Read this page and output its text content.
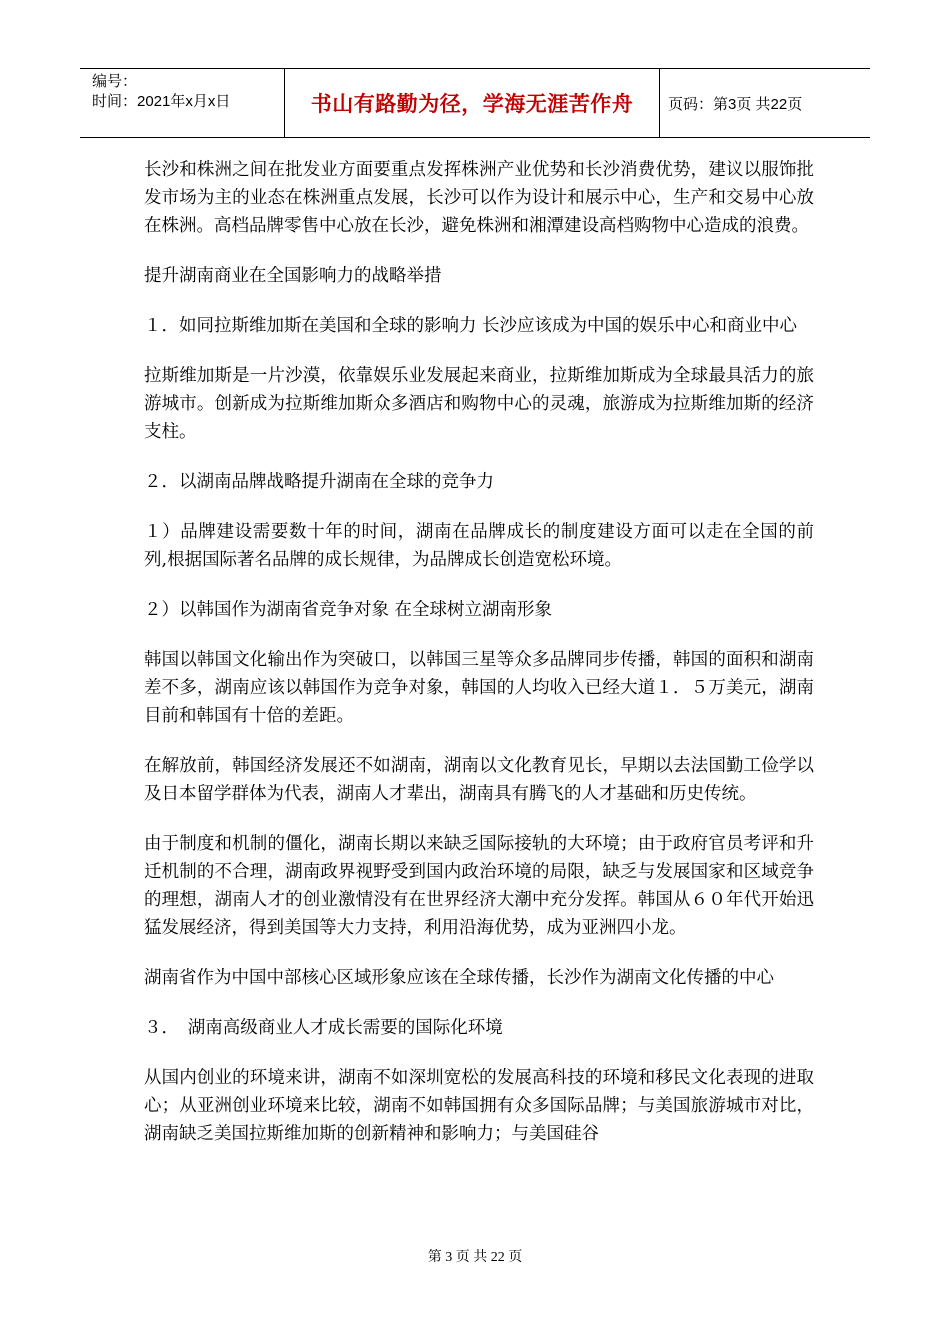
编号：
时间：2021年x月x日	书山有路勤为径，学海无涯苦作舟 页码：第3页 共22页

长沙和株洲之间在批发业方面要重点发挥株洲产业优势和长沙消费优势，建议以服饰批发市场为主的业态在株洲重点发展，长沙可以作为设计和展示中心，生产和交易中心放在株洲。高档品牌零售中心放在长沙，避免株洲和湘潭建设高档购物中心造成的浪费。

提升湖南商业在全国影响力的战略举措

１．如同拉斯维加斯在美国和全球的影响力 长沙应该成为中国的娱乐中心和商业中心

拉斯维加斯是一片沙漠，依靠娱乐业发展起来商业，拉斯维加斯成为全球最具活力的旅游城市。创新成为拉斯维加斯众多酒店和购物中心的灵魂，旅游成为拉斯维加斯的经济支柱。

２．以湖南品牌战略提升湖南在全球的竞争力

１）品牌建设需要数十年的时间，湖南在品牌成长的制度建设方面可以走在全国的前列,根据国际著名品牌的成长规律，为品牌成长创造宽松环境。

２）以韩国作为湖南省竞争对象 在全球树立湖南形象

韩国以韩国文化输出作为突破口，以韩国三星等众多品牌同步传播，韩国的面积和湖南差不多，湖南应该以韩国作为竞争对象，韩国的人均收入已经大道１．５万美元，湖南目前和韩国有十倍的差距。

在解放前，韩国经济发展还不如湖南，湖南以文化教育见长，早期以去法国勤工俭学以及日本留学群体为代表，湖南人才辈出，湖南具有腾飞的人才基础和历史传统。

由于制度和机制的僵化，湖南长期以来缺乏国际接轨的大环境；由于政府官员考评和升迁机制的不合理，湖南政界视野受到国内政治环境的局限，缺乏与发展国家和区域竞争的理想，湖南人才的创业激情没有在世界经济大潮中充分发挥。韩国从６０年代开始迅猛发展经济，得到美国等大力支持，利用沿海优势，成为亚洲四小龙。

湖南省作为中国中部核心区域形象应该在全球传播，长沙作为湖南文化传播的中心

３．　湖南高级商业人才成长需要的国际化环境

从国内创业的环境来讲，湖南不如深圳宽松的发展高科技的环境和移民文化表现的进取心；从亚洲创业环境来比较，湖南不如韩国拥有众多国际品牌；与美国旅游城市对比，湖南缺乏美国拉斯维加斯的创新精神和影响力；与美国硅谷

第 3 页 共 22 页
